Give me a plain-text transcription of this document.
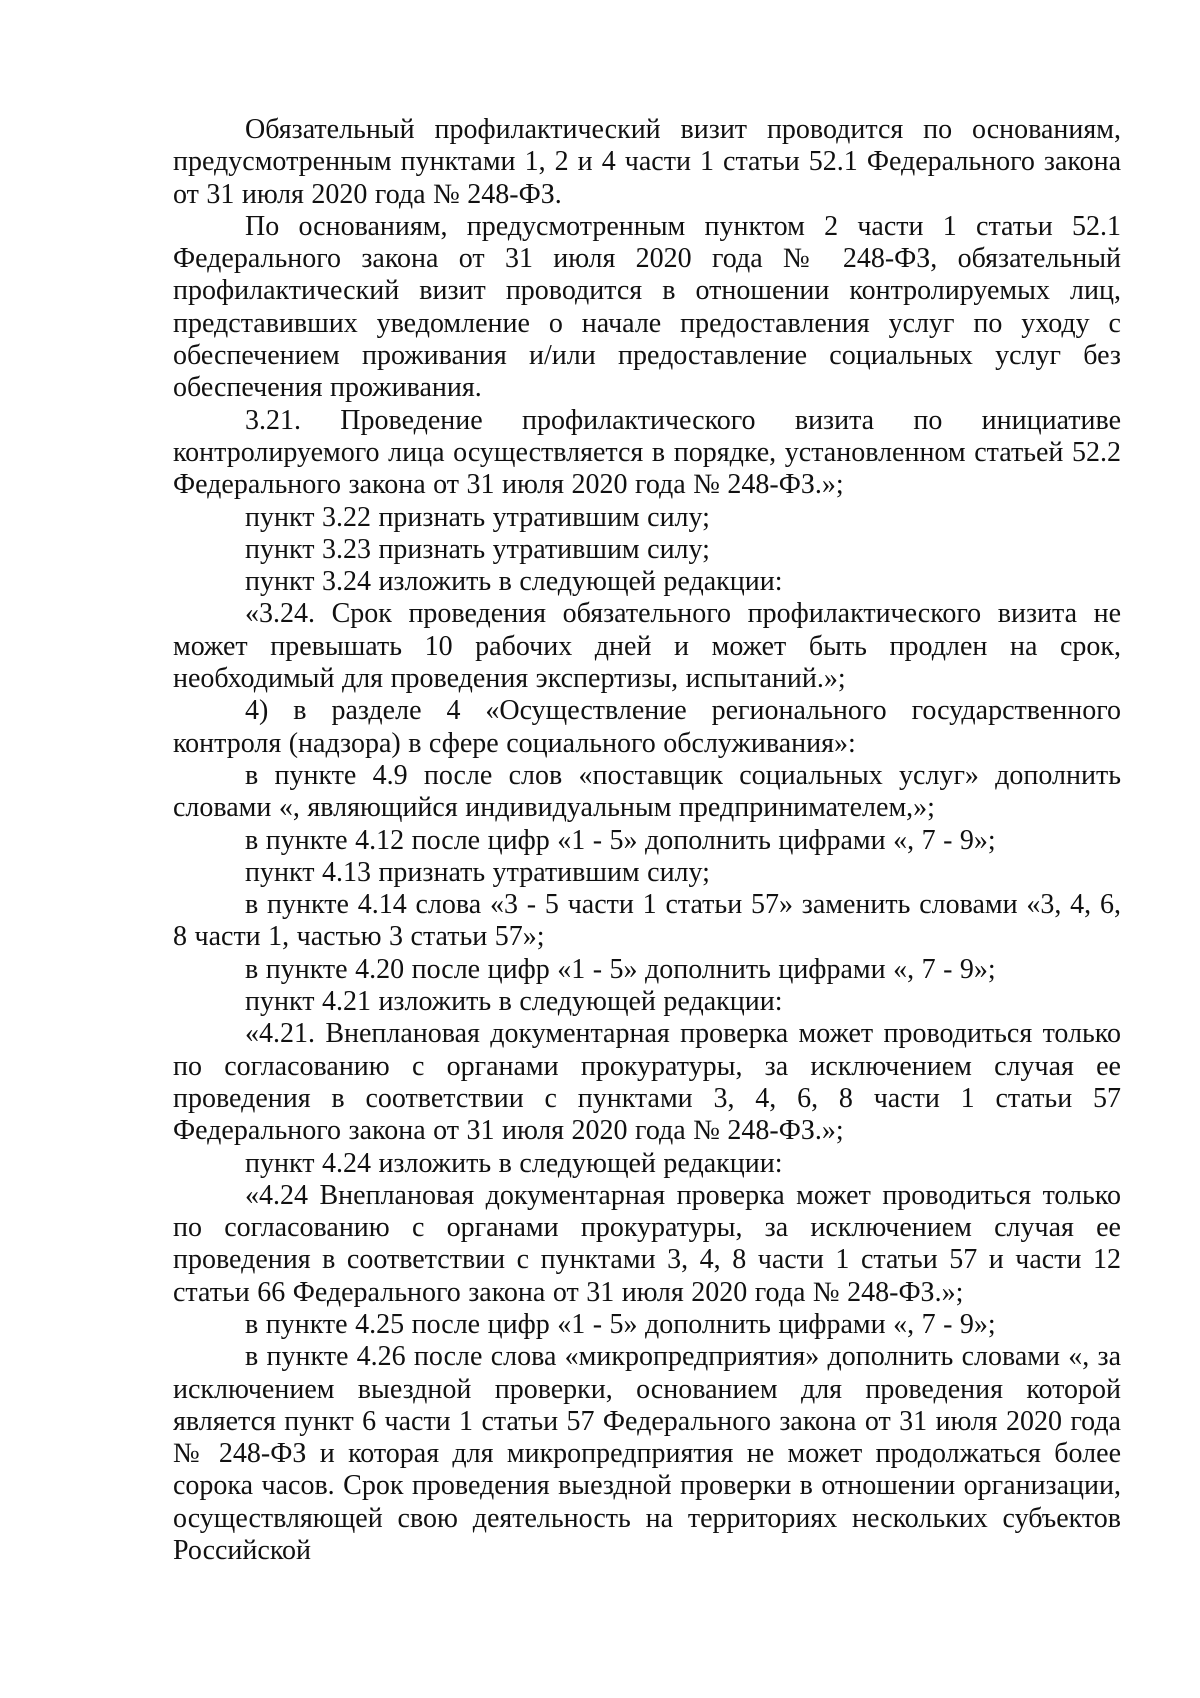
Обязательный профилактический визит проводится по основаниям, предусмотренным пунктами 1, 2 и 4 части 1 статьи 52.1 Федерального закона от 31 июля 2020 года № 248-ФЗ.

По основаниям, предусмотренным пунктом 2 части 1 статьи 52.1 Федерального закона от 31 июля 2020 года № 248-ФЗ, обязательный профилактический визит проводится в отношении контролируемых лиц, представивших уведомление о начале предоставления услуг по уходу с обеспечением проживания и/или предоставление социальных услуг без обеспечения проживания.

3.21. Проведение профилактического визита по инициативе контролируемого лица осуществляется в порядке, установленном статьей 52.2 Федерального закона от 31 июля 2020 года № 248-ФЗ.»;

пункт 3.22 признать утратившим силу;

пункт 3.23 признать утратившим силу;

пункт 3.24 изложить в следующей редакции:

«3.24. Срок проведения обязательного профилактического визита не может превышать 10 рабочих дней и может быть продлен на срок, необходимый для проведения экспертизы, испытаний.»;

4) в разделе 4 «Осуществление регионального государственного контроля (надзора) в сфере социального обслуживания»:

в пункте 4.9 после слов «поставщик социальных услуг» дополнить словами «, являющийся индивидуальным предпринимателем,»;

в пункте 4.12 после цифр «1 - 5» дополнить цифрами «, 7 - 9»;

пункт 4.13 признать утратившим силу;

в пункте 4.14 слова «3 - 5 части 1 статьи 57» заменить словами «3, 4, 6, 8 части 1, частью 3 статьи 57»;

в пункте 4.20 после цифр «1 - 5» дополнить цифрами «, 7 - 9»;

пункт 4.21 изложить в следующей редакции:

«4.21. Внеплановая документарная проверка может проводиться только по согласованию с органами прокуратуры, за исключением случая ее проведения в соответствии с пунктами 3, 4, 6, 8 части 1 статьи 57 Федерального закона от 31 июля 2020 года № 248-ФЗ.»;

пункт 4.24 изложить в следующей редакции:

«4.24 Внеплановая документарная проверка может проводиться только по согласованию с органами прокуратуры, за исключением случая ее проведения в соответствии с пунктами 3, 4, 8 части 1 статьи 57 и части 12 статьи 66 Федерального закона от 31 июля 2020 года № 248-ФЗ.»;

в пункте 4.25 после цифр «1 - 5» дополнить цифрами «, 7 - 9»;

в пункте 4.26 после слова «микропредприятия» дополнить словами «, за исключением выездной проверки, основанием для проведения которой является пункт 6 части 1 статьи 57 Федерального закона от 31 июля 2020 года № 248-ФЗ и которая для микропредприятия не может продолжаться более сорока часов. Срок проведения выездной проверки в отношении организации, осуществляющей свою деятельность на территориях нескольких субъектов Российской
